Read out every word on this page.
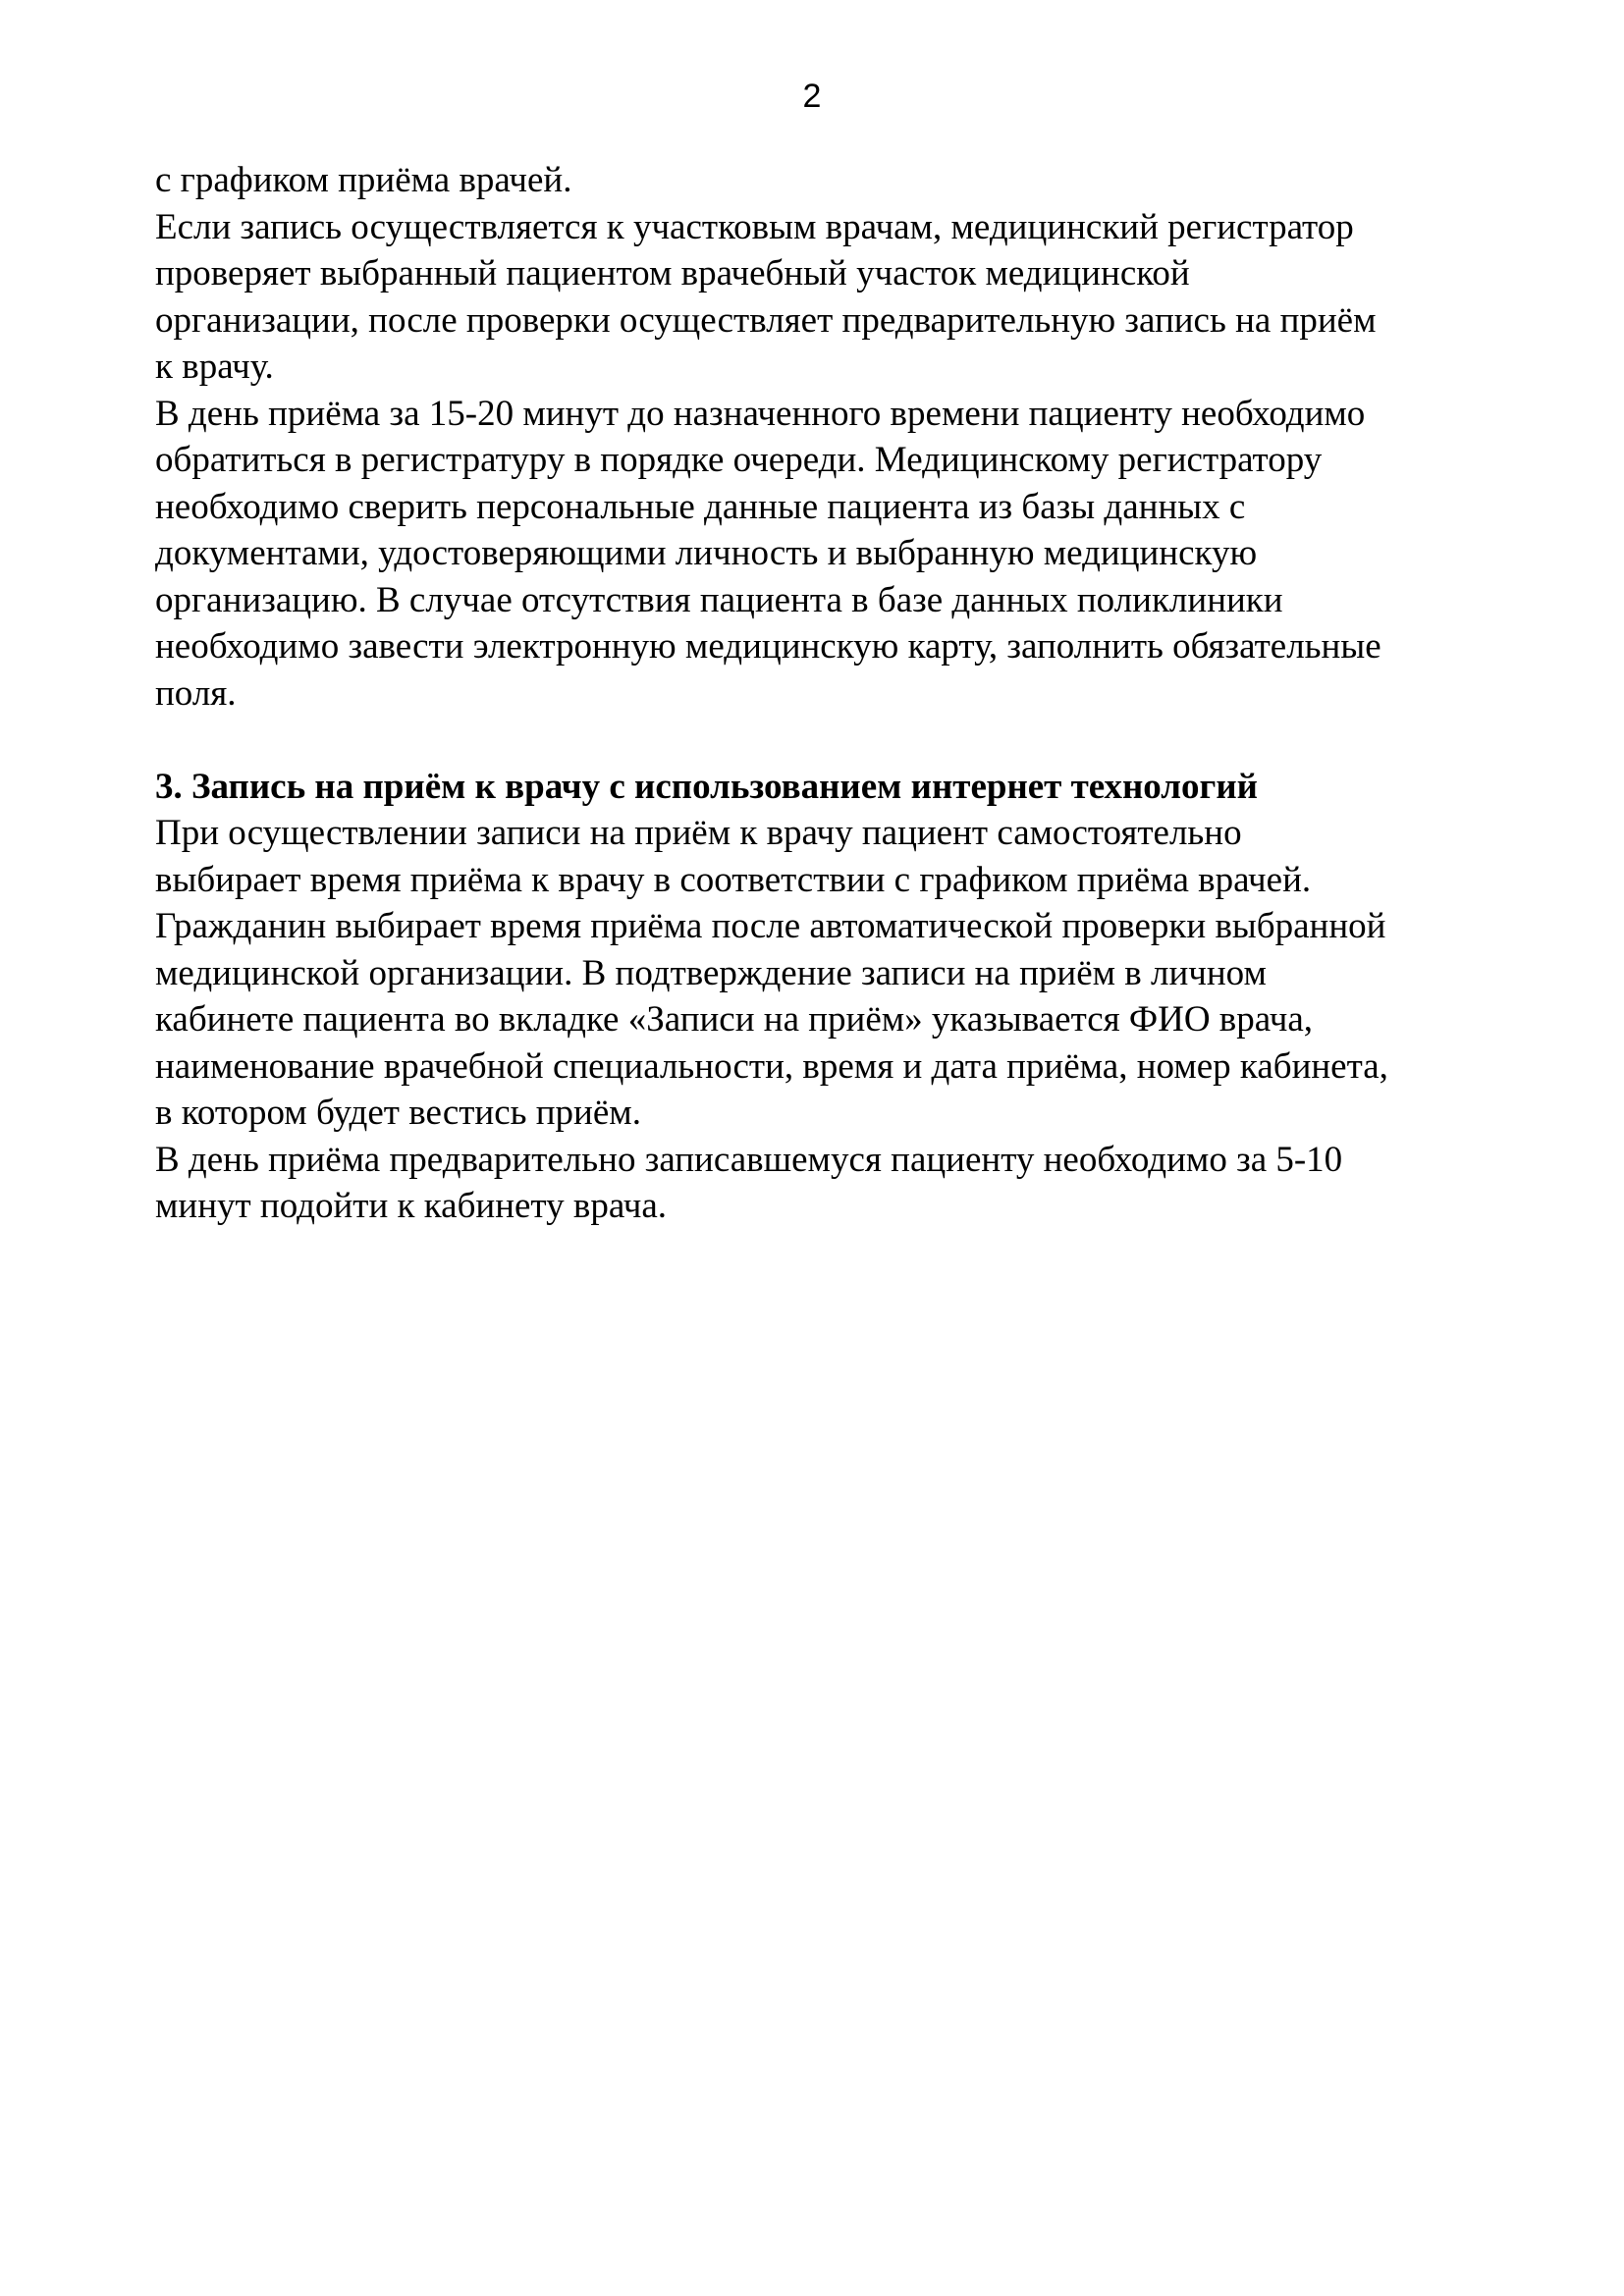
2
с графиком приёма врачей.
Если запись осуществляется к участковым врачам, медицинский регистратор
проверяет выбранный пациентом врачебный участок медицинской
организации, после проверки осуществляет предварительную запись на приём
к врачу.
В день приёма за 15-20 минут до назначенного времени пациенту необходимо
обратиться в регистратуру в порядке очереди. Медицинскому регистратору
необходимо сверить персональные данные пациента из базы данных с
документами, удостоверяющими личность и выбранную медицинскую
организацию. В случае отсутствия пациента в базе данных поликлиники
необходимо завести электронную медицинскую карту, заполнить обязательные
поля.
3. Запись на приём к врачу с использованием интернет технологий
При осуществлении записи на приём к врачу пациент самостоятельно
выбирает время приёма к врачу в соответствии с графиком приёма врачей.
Гражданин выбирает время приёма после автоматической проверки выбранной
медицинской организации. В подтверждение записи на приём в личном
кабинете пациента во вкладке «Записи на приём» указывается ФИО врача,
наименование врачебной специальности, время и дата приёма, номер кабинета,
в котором будет вестись приём.
В день приёма предварительно записавшемуся пациенту необходимо за 5-10
минут подойти к кабинету врача.
